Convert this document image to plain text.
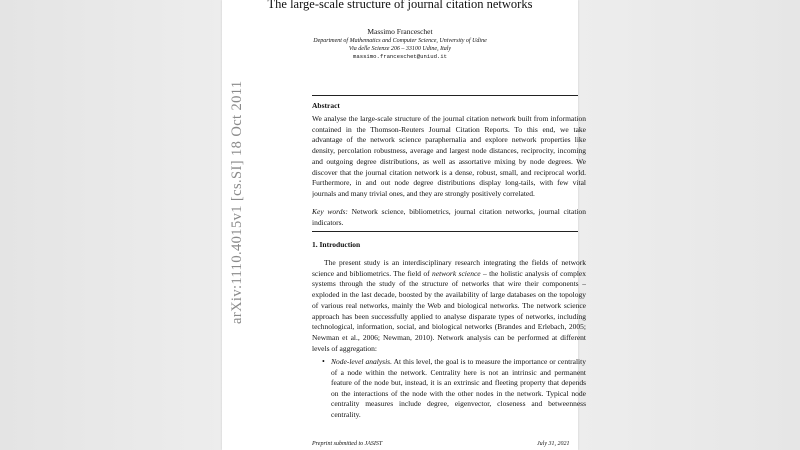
arXiv:1110.4015v1 [cs.SI] 18 Oct 2011
The large-scale structure of journal citation networks
Massimo Franceschet
Department of Mathematics and Computer Science, University of Udine
Via delle Scienze 206 – 33100 Udine, Italy
massimo.franceschet@uniud.it
Abstract
We analyse the large-scale structure of the journal citation network built from information contained in the Thomson-Reuters Journal Citation Reports. To this end, we take advantage of the network science paraphernalia and explore network properties like density, percolation robustness, average and largest node distances, reciprocity, incoming and outgoing degree distributions, as well as assortative mixing by node degrees. We discover that the journal citation network is a dense, robust, small, and reciprocal world. Furthermore, in and out node degree distributions display long-tails, with few vital journals and many trivial ones, and they are strongly positively correlated.
Key words: Network science, bibliometrics, journal citation networks, journal citation indicators.
1. Introduction
The present study is an interdisciplinary research integrating the fields of network science and bibliometrics. The field of network science – the holistic analysis of complex systems through the study of the structure of networks that wire their components – exploded in the last decade, boosted by the availability of large databases on the topology of various real networks, mainly the Web and biological networks. The network science approach has been successfully applied to analyse disparate types of networks, including technological, information, social, and biological networks (Brandes and Erlebach, 2005; Newman et al., 2006; Newman, 2010). Network analysis can be performed at different levels of aggregation:
• Node-level analysis. At this level, the goal is to measure the importance or centrality of a node within the network. Centrality here is not an intrinsic and permanent feature of the node but, instead, it is an extrinsic and fleeting property that depends on the interactions of the node with the other nodes in the network. Typical node centrality measures include degree, eigenvector, closeness and betweenness centrality.
Preprint submitted to JASIST	July 31, 2021
